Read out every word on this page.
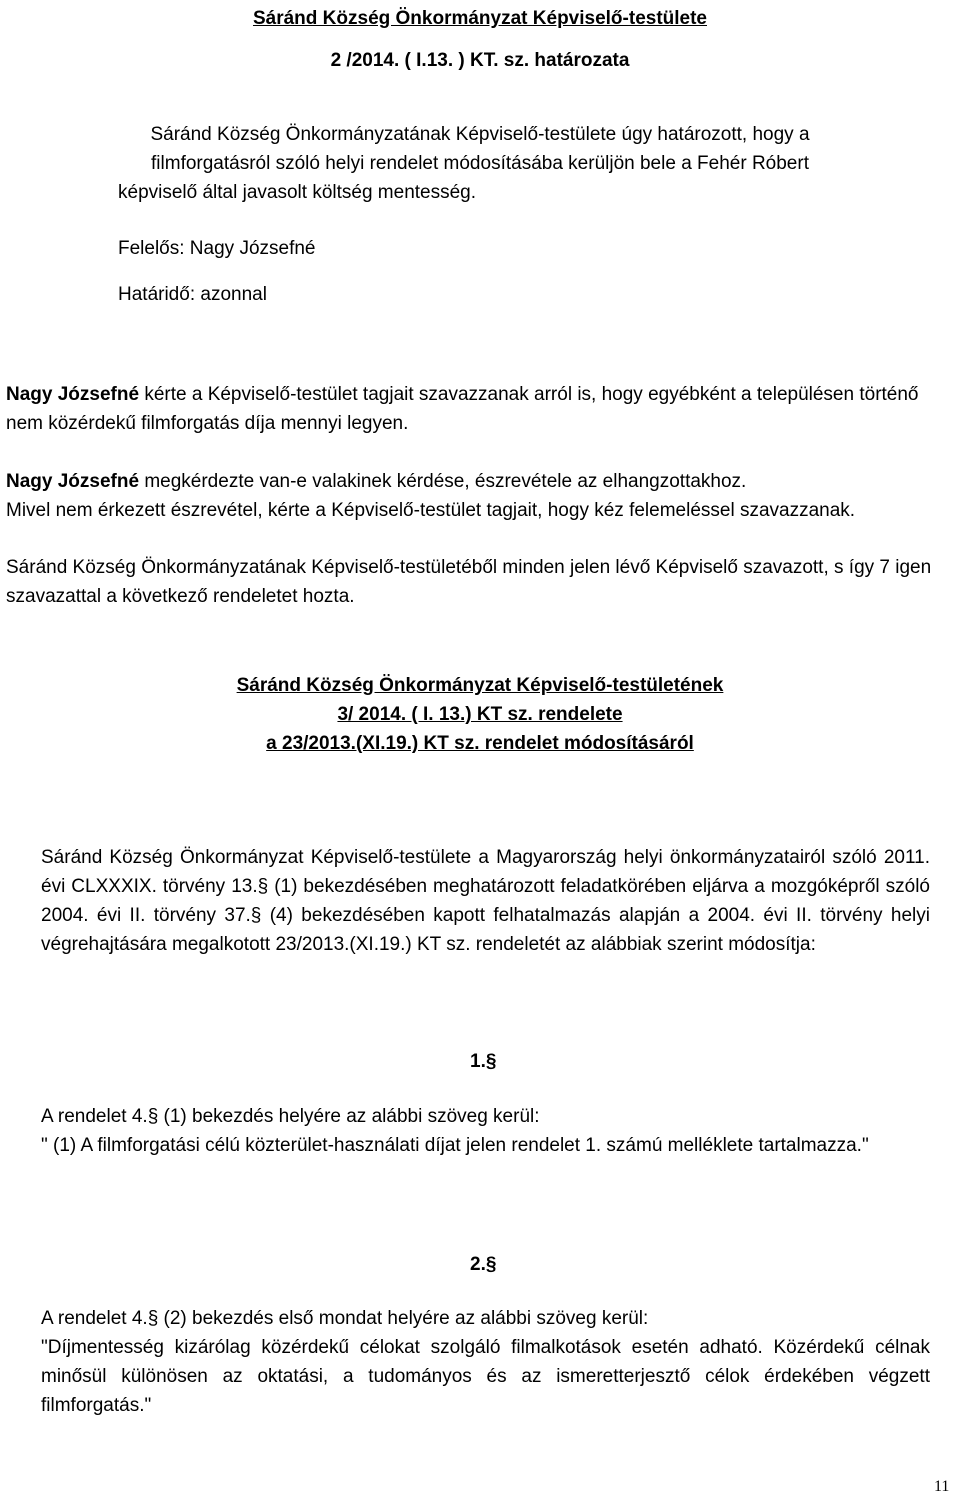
Sáránd Község Önkormányzat Képviselő-testülete

2 /2014. ( I.13. ) KT. sz. határozata

Sáránd Község Önkormányzatának Képviselő-testülete úgy határozott, hogy a
filmforgatásról szóló helyi rendelet módosításába kerüljön bele a Fehér Róbert
képviselő által javasolt költség mentesség.

Felelős: Nagy Józsefné

Határidő: azonnal

Nagy Józsefné kérte a Képviselő-testület tagjait szavazzanak arról is, hogy egyébként a településen történő nem közérdekű filmforgatás díja mennyi legyen.

Nagy Józsefné megkérdezte van-e valakinek kérdése, észrevétele az elhangzottakhoz.

Mivel nem érkezett észrevétel, kérte a Képviselő-testület tagjait, hogy kéz felemeléssel szavazzanak.

Sáránd Község Önkormányzatának Képviselő-testületéből minden jelen lévő Képviselő szavazott, s így 7 igen szavazattal a következő rendeletet hozta.

Sáránd Község Önkormányzat Képviselő-testületének

3/ 2014. ( I. 13.) KT sz. rendelete

a 23/2013.(XI.19.) KT sz. rendelet módosításáról

Sáránd Község Önkormányzat Képviselő-testülete a Magyarország helyi önkormányzatairól szóló 2011. évi CLXXXIX. törvény 13.§ (1) bekezdésében meghatározott feladatkörében eljárva a mozgóképről szóló 2004. évi II. törvény 37.§ (4) bekezdésében kapott felhatalmazás alapján a 2004. évi II. törvény helyi végrehajtására megalkotott 23/2013.(XI.19.) KT sz. rendeletét az alábbiak szerint módosítja:

1.§

A rendelet 4.§ (1) bekezdés helyére az alábbi szöveg kerül:

" (1) A filmforgatási célú közterület-használati díjat jelen rendelet 1. számú melléklete tartalmazza."

2.§

A rendelet 4.§ (2) bekezdés első mondat helyére az alábbi szöveg kerül:

"Díjmentesség kizárólag közérdekű célokat szolgáló filmalkotások esetén adható. Közérdekű célnak minősül különösen az oktatási, a tudományos és az ismeretterjesztő célok érdekében végzett filmforgatás."

11
